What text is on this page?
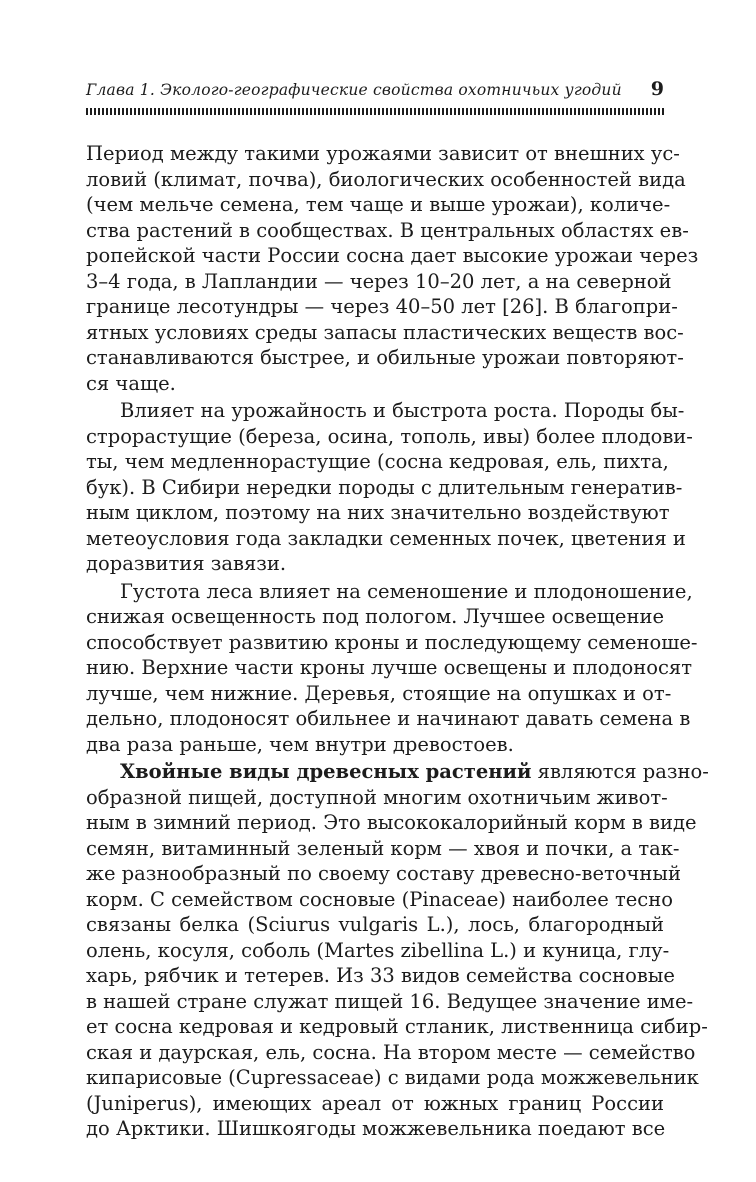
Глава 1. Эколого-географические свойства охотничьих угодий 9
Период между такими урожаями зависит от внешних ус-
ловий (климат, почва), биологических особенностей вида
(чем мельче семена, тем чаще и выше урожаи), количе-
ства растений в сообществах. В центральных областях ев-
ропейской части России сосна дает высокие урожаи через
3–4 года, в Лапландии — через 10–20 лет, а на северной
границе лесотундры — через 40–50 лет [26]. В благопри-
ятных условиях среды запасы пластических веществ вос-
станавливаются быстрее, и обильные урожаи повторяют-
ся чаще.
Влияет на урожайность и быстрота роста. Породы бы-
строрастущие (береза, осина, тополь, ивы) более плодови-
ты, чем медленнорастущие (сосна кедровая, ель, пихта,
бук). В Сибири нередки породы с длительным генератив-
ным циклом, поэтому на них значительно воздействуют
метеоусловия года закладки семенных почек, цветения и
доразвития завязи.
Густота леса влияет на семеношение и плодоношение,
снижая освещенность под пологом. Лучшее освещение
способствует развитию кроны и последующему семеноше-
нию. Верхние части кроны лучше освещены и плодоносят
лучше, чем нижние. Деревья, стоящие на опушках и от-
дельно, плодоносят обильнее и начинают давать семена в
два раза раньше, чем внутри древостоев.
Хвойные виды древесных растений являются разно-
образной пищей, доступной многим охотничьим живот-
ным в зимний период. Это высококалорийный корм в виде
семян, витаминный зеленый корм — хвоя и почки, а так-
же разнообразный по своему составу древесно-веточный
корм. С семейством сосновые (Pinaceae) наиболее тесно
связаны белка (Sciurus vulgaris L.), лось, благородный
олень, косуля, соболь (Martes zibellina L.) и куница, глу-
харь, рябчик и тетерев. Из 33 видов семейства сосновые
в нашей стране служат пищей 16. Ведущее значение име-
ет сосна кедровая и кедровый стланик, лиственница сибир-
ская и даурская, ель, сосна. На втором месте — семейство
кипарисовые (Cupressaceae) с видами рода можжевельник
(Juniperus), имеющих ареал от южных границ России
до Арктики. Шишкоягоды можжевельника поедают все
